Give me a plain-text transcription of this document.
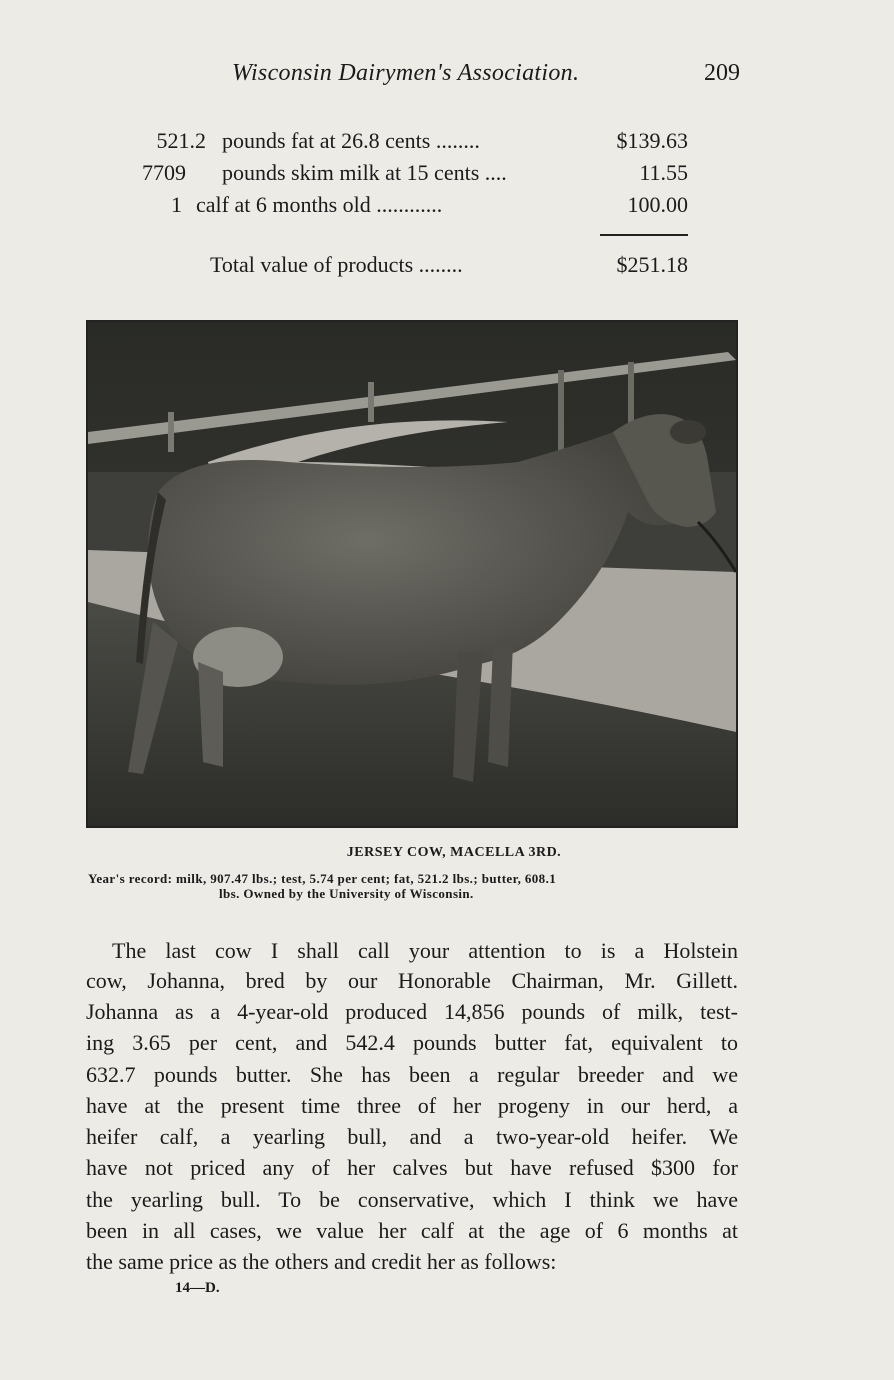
Wisconsin Dairymen's Association.	209
521.2 pounds fat at 26.8 cents ........	$139.63
7709 pounds skim milk at 15 cents ....	11.55
1 calf at 6 months old ............	100.00
Total value of products ........	$251.18
JERSEY COW, MACELLA 3RD.
Year's record: milk, 907.47 lbs.; test, 5.74 per cent; fat, 521.2 lbs.; butter, 608.1
lbs. Owned by the University of Wisconsin.
The last cow I shall call your attention to is a Holstein
cow, Johanna, bred by our Honorable Chairman, Mr. Gillett.
Johanna as a 4-year-old produced 14,856 pounds of milk, test-
ing 3.65 per cent, and 542.4 pounds butter fat, equivalent to
632.7 pounds butter. She has been a regular breeder and we
have at the present time three of her progeny in our herd, a
heifer calf, a yearling bull, and a two-year-old heifer. We
have not priced any of her calves but have refused $300 for
the yearling bull. To be conservative, which I think we have
been in all cases, we value her calf at the age of 6 months at
the same price as the others and credit her as follows:
14—D.
